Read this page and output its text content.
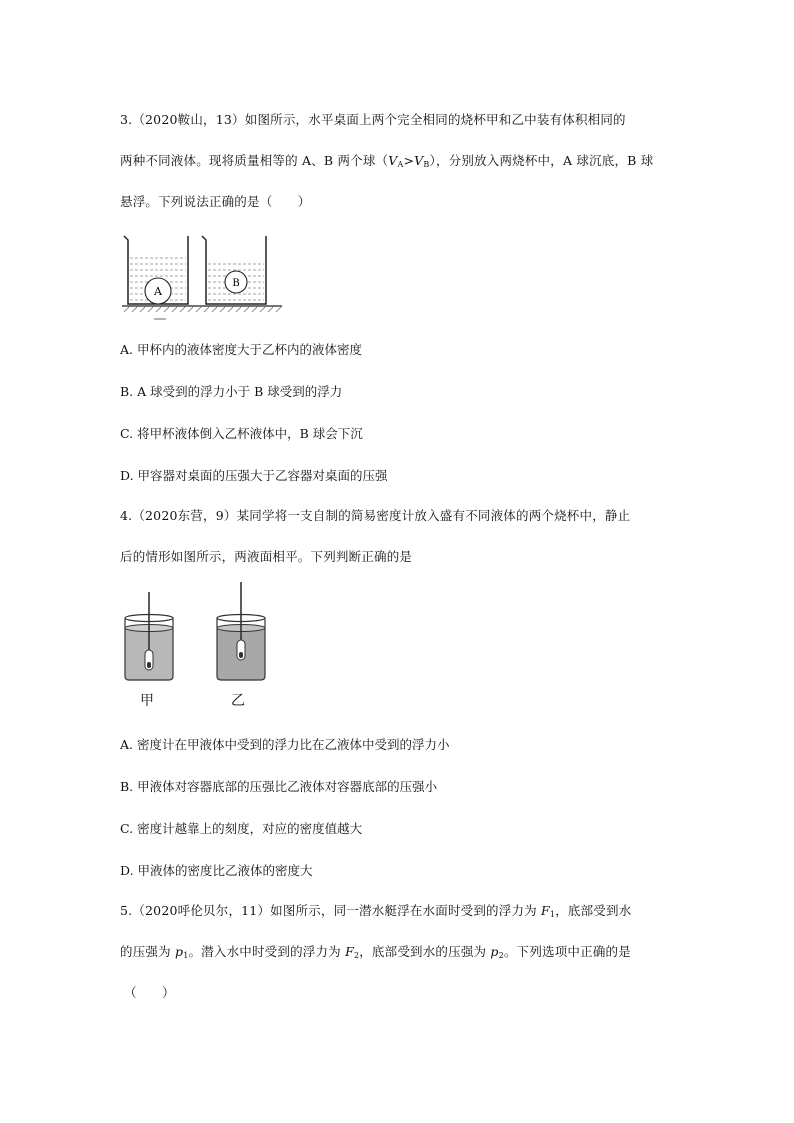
3.（2020鞍山，13）如图所示，水平桌面上两个完全相同的烧杯甲和乙中装有体积相同的
两种不同液体。现将质量相等的 A、B 两个球$(V_A>V_B)$，分别放入两烧杯中，A 球沉底，B 球
悬浮。下列说法正确的是（　　）
A
B
A. 甲杯内的液体密度大于乙杯内的液体密度
B. A 球受到的浮力小于 B 球受到的浮力
C. 将甲杯液体倒入乙杯液体中，B 球会下沉
D. 甲容器对桌面的压强大于乙容器对桌面的压强
4.（2020东营，9）某同学将一支自制的简易密度计放入盛有不同液体的两个烧杯中，静止
后的情形如图所示，两液面相平。下列判断正确的是
甲	乙
A. 密度计在甲液体中受到的浮力比在乙液体中受到的浮力小
B. 甲液体对容器底部的压强比乙液体对容器底部的压强小
C. 密度计越靠上的刻度，对应的密度值越大
D. 甲液体的密度比乙液体的密度大
5.（2020呼伦贝尔，11）如图所示，同一潜水艇浮在水面时受到的浮力为 $F_1$，底部受到水
的压强为 $p_1$。潜入水中时受到的浮力为 $F_2$，底部受到水的压强为 $p_2$。下列选项中正确的是
（　　）
